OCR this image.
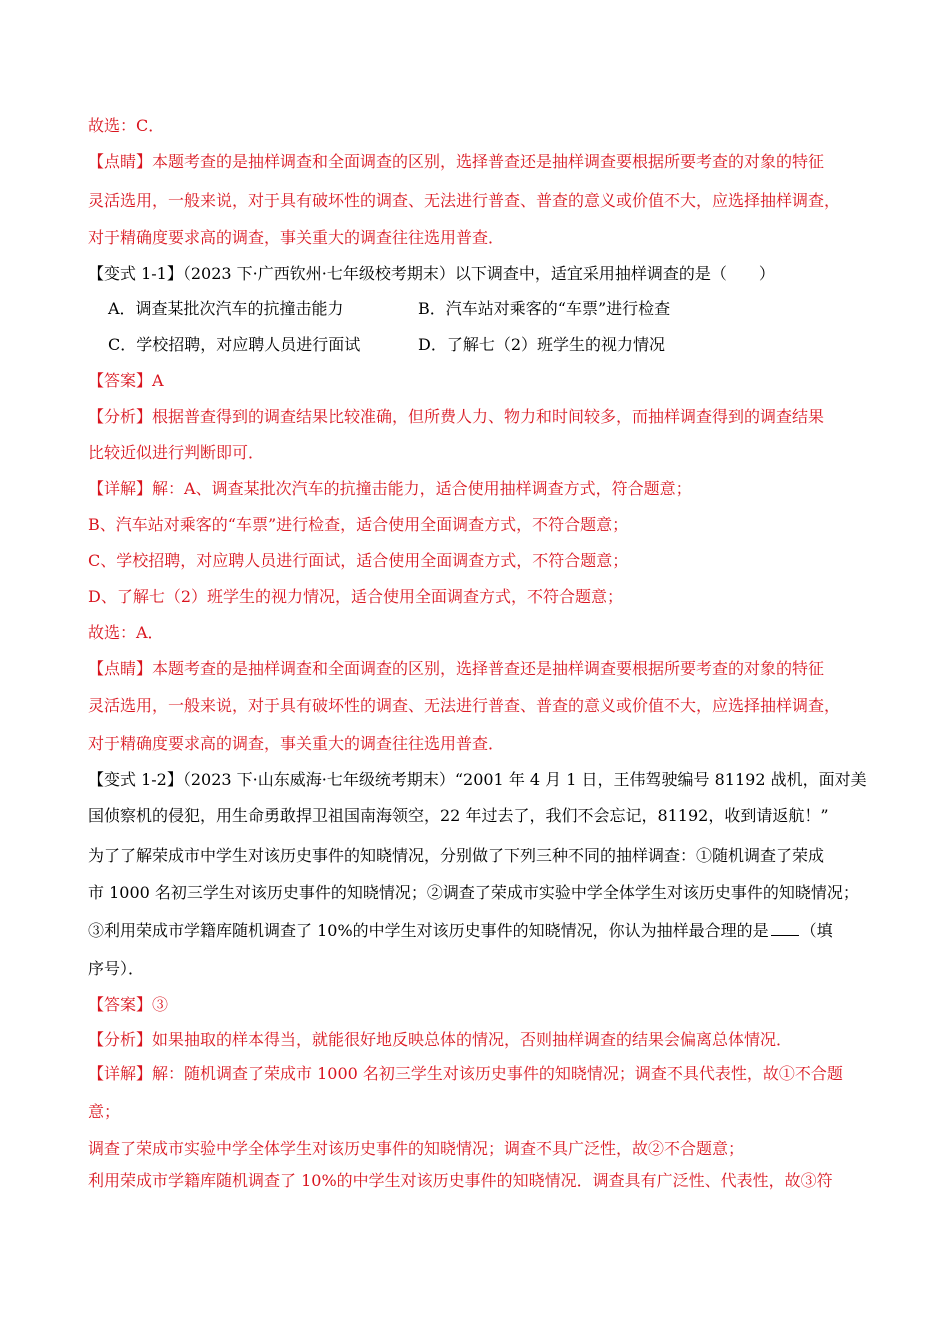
故选：C．
【点睛】本题考查的是抽样调查和全面调查的区别，选择普查还是抽样调查要根据所要考查的对象的特征
灵活选用，一般来说，对于具有破坏性的调查、无法进行普查、普查的意义或价值不大，应选择抽样调查，
对于精确度要求高的调查，事关重大的调查往往选用普查．
【变式 1-1】（2023 下·广西钦州·七年级校考期末）以下调查中，适宜采用抽样调查的是（　　）
A．调查某批次汽车的抗撞击能力	B．汽车站对乘客的“车票”进行检查
C．学校招聘，对应聘人员进行面试	D．了解七（2）班学生的视力情况
【答案】A
【分析】根据普查得到的调查结果比较准确，但所费人力、物力和时间较多，而抽样调查得到的调查结果
比较近似进行判断即可．
【详解】解：A、调查某批次汽车的抗撞击能力，适合使用抽样调查方式，符合题意；
B、汽车站对乘客的“车票”进行检查，适合使用全面调查方式，不符合题意；
C、学校招聘，对应聘人员进行面试，适合使用全面调查方式，不符合题意；
D、了解七（2）班学生的视力情况，适合使用全面调查方式，不符合题意；
故选：A．
【点睛】本题考查的是抽样调查和全面调查的区别，选择普查还是抽样调查要根据所要考查的对象的特征
灵活选用，一般来说，对于具有破坏性的调查、无法进行普查、普查的意义或价值不大，应选择抽样调查，
对于精确度要求高的调查，事关重大的调查往往选用普查．
【变式 1-2】（2023 下·山东威海·七年级统考期末）“2001 年 4 月 1 日，王伟驾驶编号 81192 战机，面对美
国侦察机的侵犯，用生命勇敢捍卫祖国南海领空，22 年过去了，我们不会忘记，81192，收到请返航！”
为了了解荣成市中学生对该历史事件的知晓情况，分别做了下列三种不同的抽样调查：①随机调查了荣成
市 1000 名初三学生对该历史事件的知晓情况；②调查了荣成市实验中学全体学生对该历史事件的知晓情况；
③利用荣成市学籍库随机调查了 10%的中学生对该历史事件的知晓情况，你认为抽样最合理的是 （填
序号）．
【答案】③
【分析】如果抽取的样本得当，就能很好地反映总体的情况，否则抽样调查的结果会偏离总体情况．
【详解】解：随机调查了荣成市 1000 名初三学生对该历史事件的知晓情况；调查不具代表性，故①不合题
意；
调查了荣成市实验中学全体学生对该历史事件的知晓情况；调查不具广泛性，故②不合题意；
利用荣成市学籍库随机调查了 10%的中学生对该历史事件的知晓情况．调查具有广泛性、代表性，故③符
